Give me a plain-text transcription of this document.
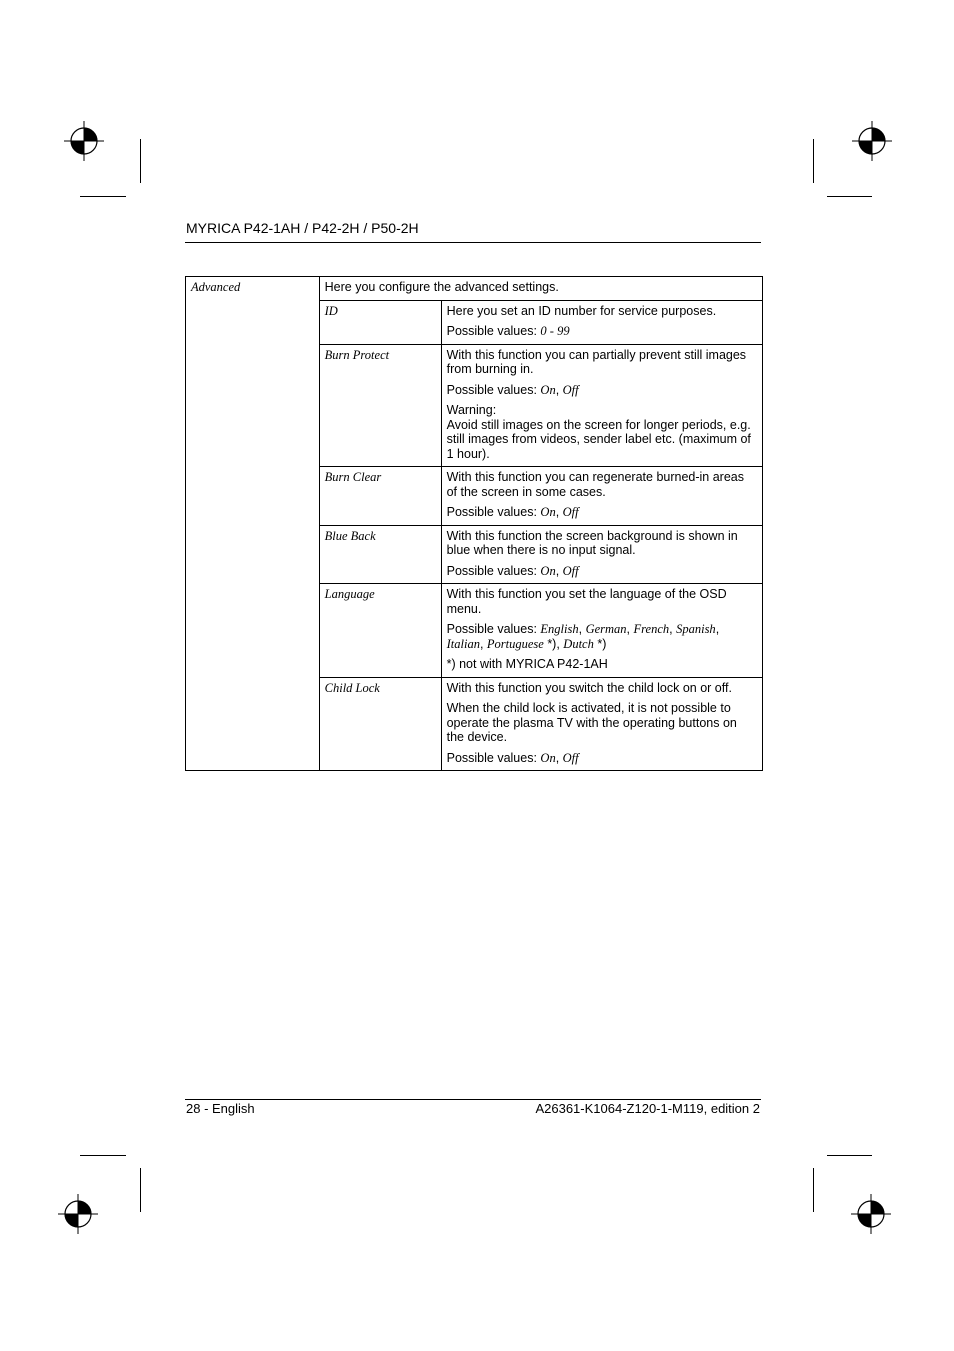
MYRICA P42-1AH / P42-2H / P50-2H
Advanced	Here you configure the advanced settings.	
	ID	Here you set an ID number for service purposes.

Possible values: 0 - 99

	Burn Protect	With this function you can partially prevent still images from burning in.

Possible values: On, Off

Warning:
Avoid still images on the screen for longer periods, e.g. still images from videos, sender label etc. (maximum of 1 hour).

	Burn Clear	With this function you can regenerate burned-in areas of the screen in some cases.

Possible values: On, Off

	Blue Back	With this function the screen background is shown in blue when there is no input signal.

Possible values: On, Off

	Language	With this function you set the language of the OSD menu.

Possible values: English, German, French, Spanish, Italian, Portuguese *), Dutch *)

*) not with MYRICA P42-1AH

	Child Lock	With this function you switch the child lock on or off.

When the child lock is activated, it is not possible to operate the plasma TV with the operating buttons on the device.

Possible values: On, Off

28 - English	A26361-K1064-Z120-1-M119, edition 2
